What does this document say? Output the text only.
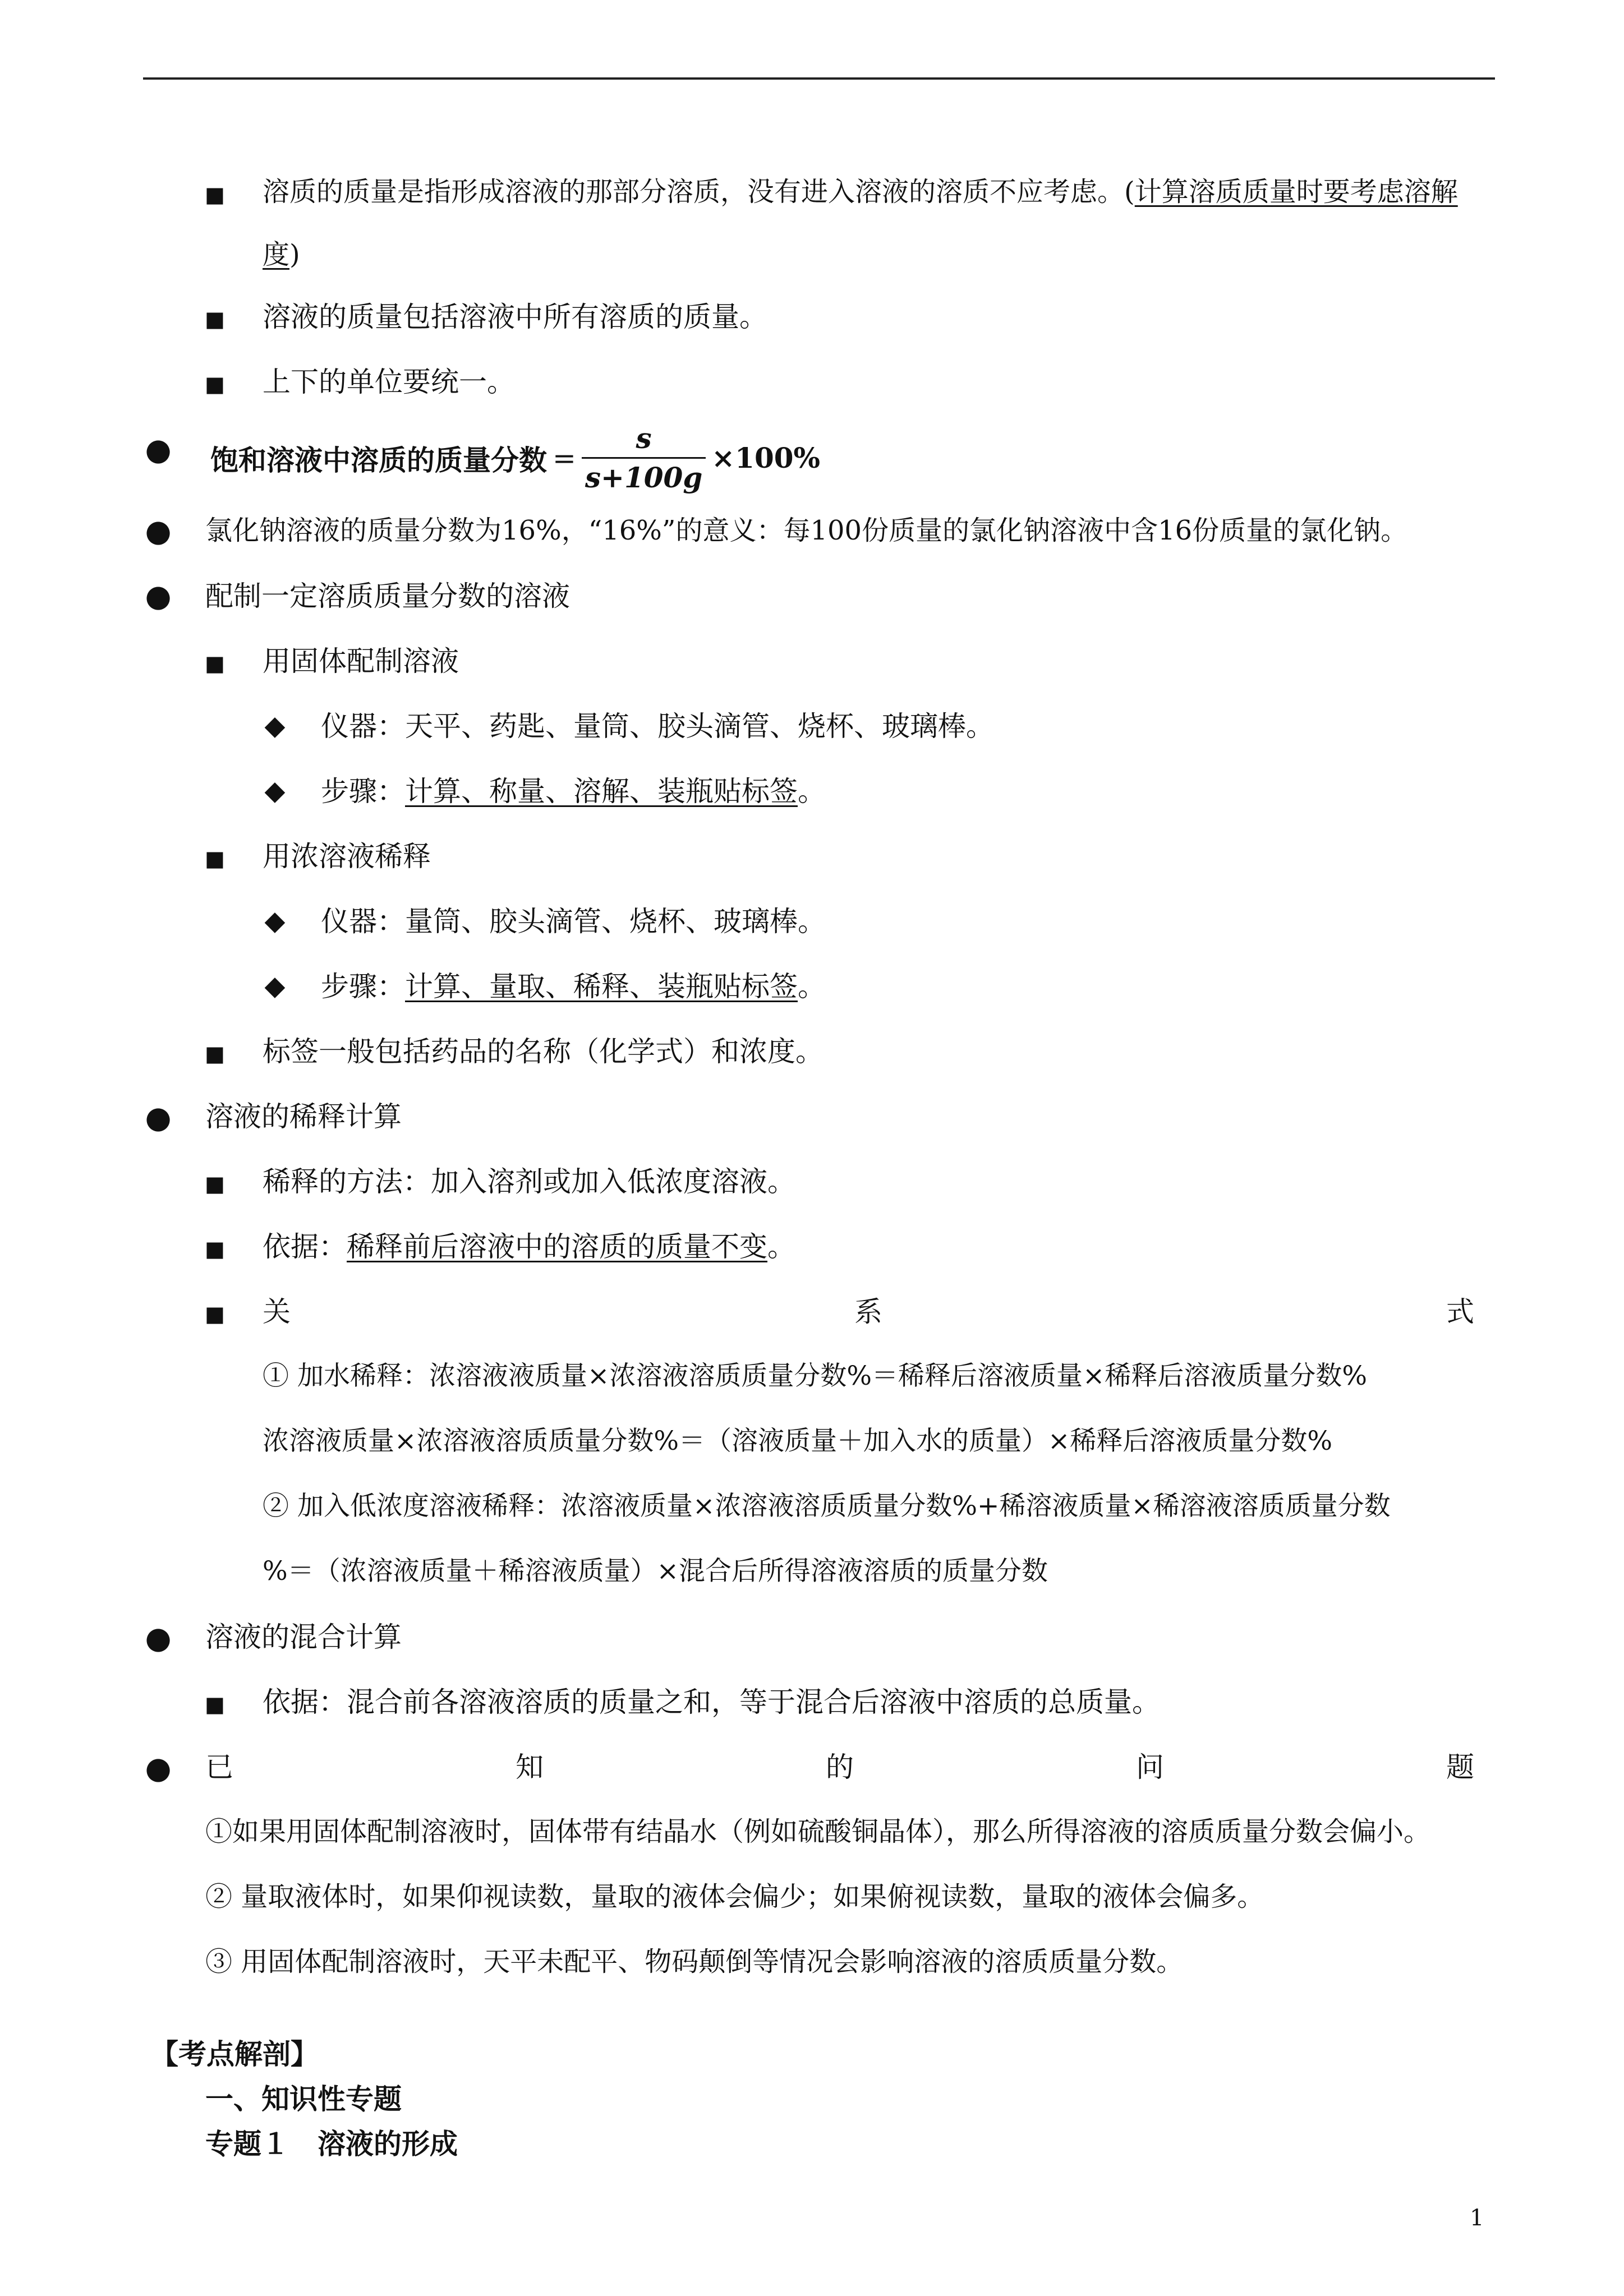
■ 溶质的质量是指形成溶液的那部分溶质，没有进入溶液的溶质不应考虑。(计算溶质质量时要考虑溶解
度)
■ 溶液的质量包括溶液中所有溶质的质量。
■ 上下的单位要统一。
● 饱和溶液中溶质的质量分数 = $\frac{s}{s+100g} \times 100\%$
● 氯化钠溶液的质量分数为16%，“16%”的意义：每100份质量的氯化钠溶液中含16份质量的氯化钠。
● 配制一定溶质质量分数的溶液
■ 用固体配制溶液
◆ 仪器：天平、药匙、量筒、胶头滴管、烧杯、玻璃棒。
◆ 步骤：计算、称量、溶解、装瓶贴标签。
■ 用浓溶液稀释
◆ 仪器：量筒、胶头滴管、烧杯、玻璃棒。
◆ 步骤：计算、量取、稀释、装瓶贴标签。
■ 标签一般包括药品的名称（化学式）和浓度。
● 溶液的稀释计算
■ 稀释的方法：加入溶剂或加入低浓度溶液。
■ 依据：稀释前后溶液中的溶质的质量不变。
■ 关	系	式
① 加水稀释：浓溶液液质量×浓溶液溶质质量分数%＝稀释后溶液质量×稀释后溶液质量分数%
浓溶液质量×浓溶液溶质质量分数%＝（溶液质量＋加入水的质量）×稀释后溶液质量分数%
② 加入低浓度溶液稀释：浓溶液质量×浓溶液溶质质量分数%+稀溶液质量×稀溶液溶质质量分数
%＝（浓溶液质量＋稀溶液质量）×混合后所得溶液溶质的质量分数
● 溶液的混合计算
■ 依据：混合前各溶液溶质的质量之和，等于混合后溶液中溶质的总质量。
● 已	知	的	问	题
①如果用固体配制溶液时，固体带有结晶水（例如硫酸铜晶体），那么所得溶液的溶质质量分数会偏小。
② 量取液体时，如果仰视读数，量取的液体会偏少；如果俯视读数，量取的液体会偏多。
③ 用固体配制溶液时，天平未配平、物码颠倒等情况会影响溶液的溶质质量分数。
【考点解剖】
一、知识性专题
专题１　溶液的形成
1
